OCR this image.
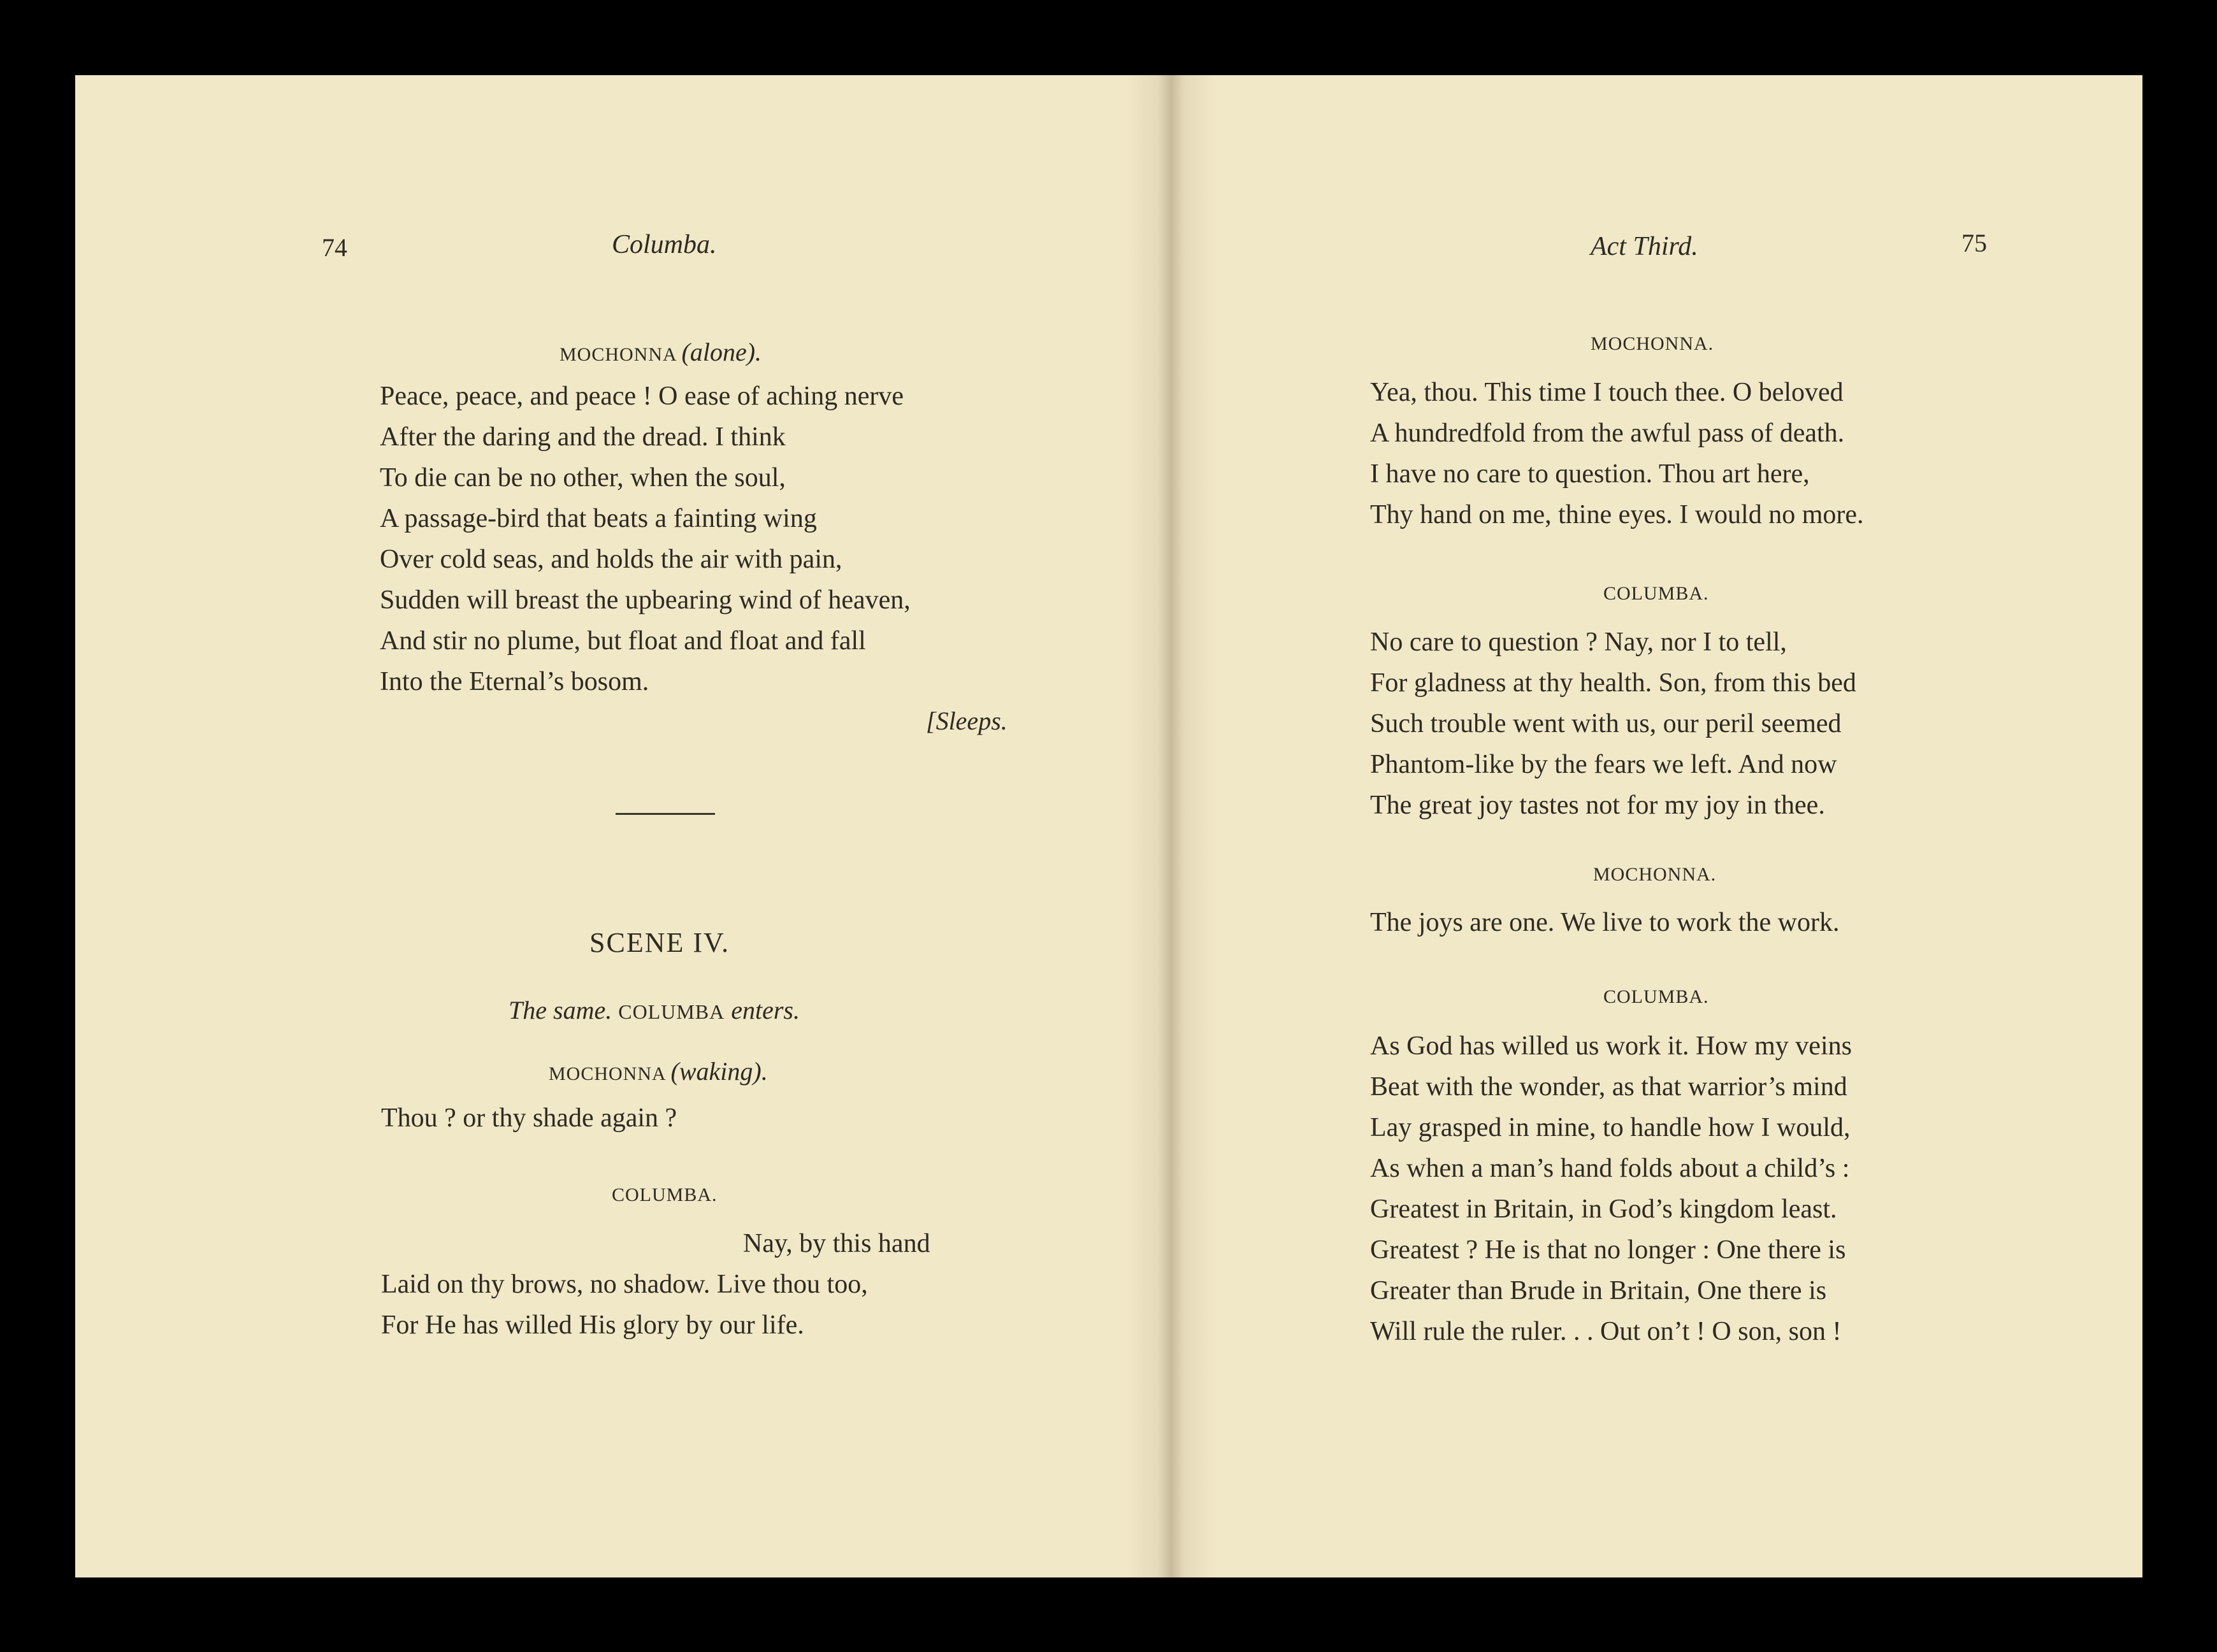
74	Columba.
MOCHONNA (alone).
Peace, peace, and peace ! O ease of aching nerve
After the daring and the dread. I think
To die can be no other, when the soul,
A passage-bird that beats a fainting wing
Over cold seas, and holds the air with pain,
Sudden will breast the upbearing wind of heaven,
And stir no plume, but float and float and fall
Into the Eternal’s bosom.
[Sleeps.
SCENE IV.
The same. COLUMBA enters.
MOCHONNA (waking).
Thou ? or thy shade again ?
COLUMBA.
Nay, by this hand
Laid on thy brows, no shadow. Live thou too,
For He has willed His glory by our life.
Act Third.	75
MOCHONNA.
Yea, thou. This time I touch thee. O beloved
A hundredfold from the awful pass of death.
I have no care to question. Thou art here,
Thy hand on me, thine eyes. I would no more.
COLUMBA.
No care to question ? Nay, nor I to tell,
For gladness at thy health. Son, from this bed
Such trouble went with us, our peril seemed
Phantom-like by the fears we left. And now
The great joy tastes not for my joy in thee.
MOCHONNA.
The joys are one. We live to work the work.
COLUMBA.
As God has willed us work it. How my veins
Beat with the wonder, as that warrior’s mind
Lay grasped in mine, to handle how I would,
As when a man’s hand folds about a child’s :
Greatest in Britain, in God’s kingdom least.
Greatest ? He is that no longer : One there is
Greater than Brude in Britain, One there is
Will rule the ruler. . . Out on’t ! O son, son !
